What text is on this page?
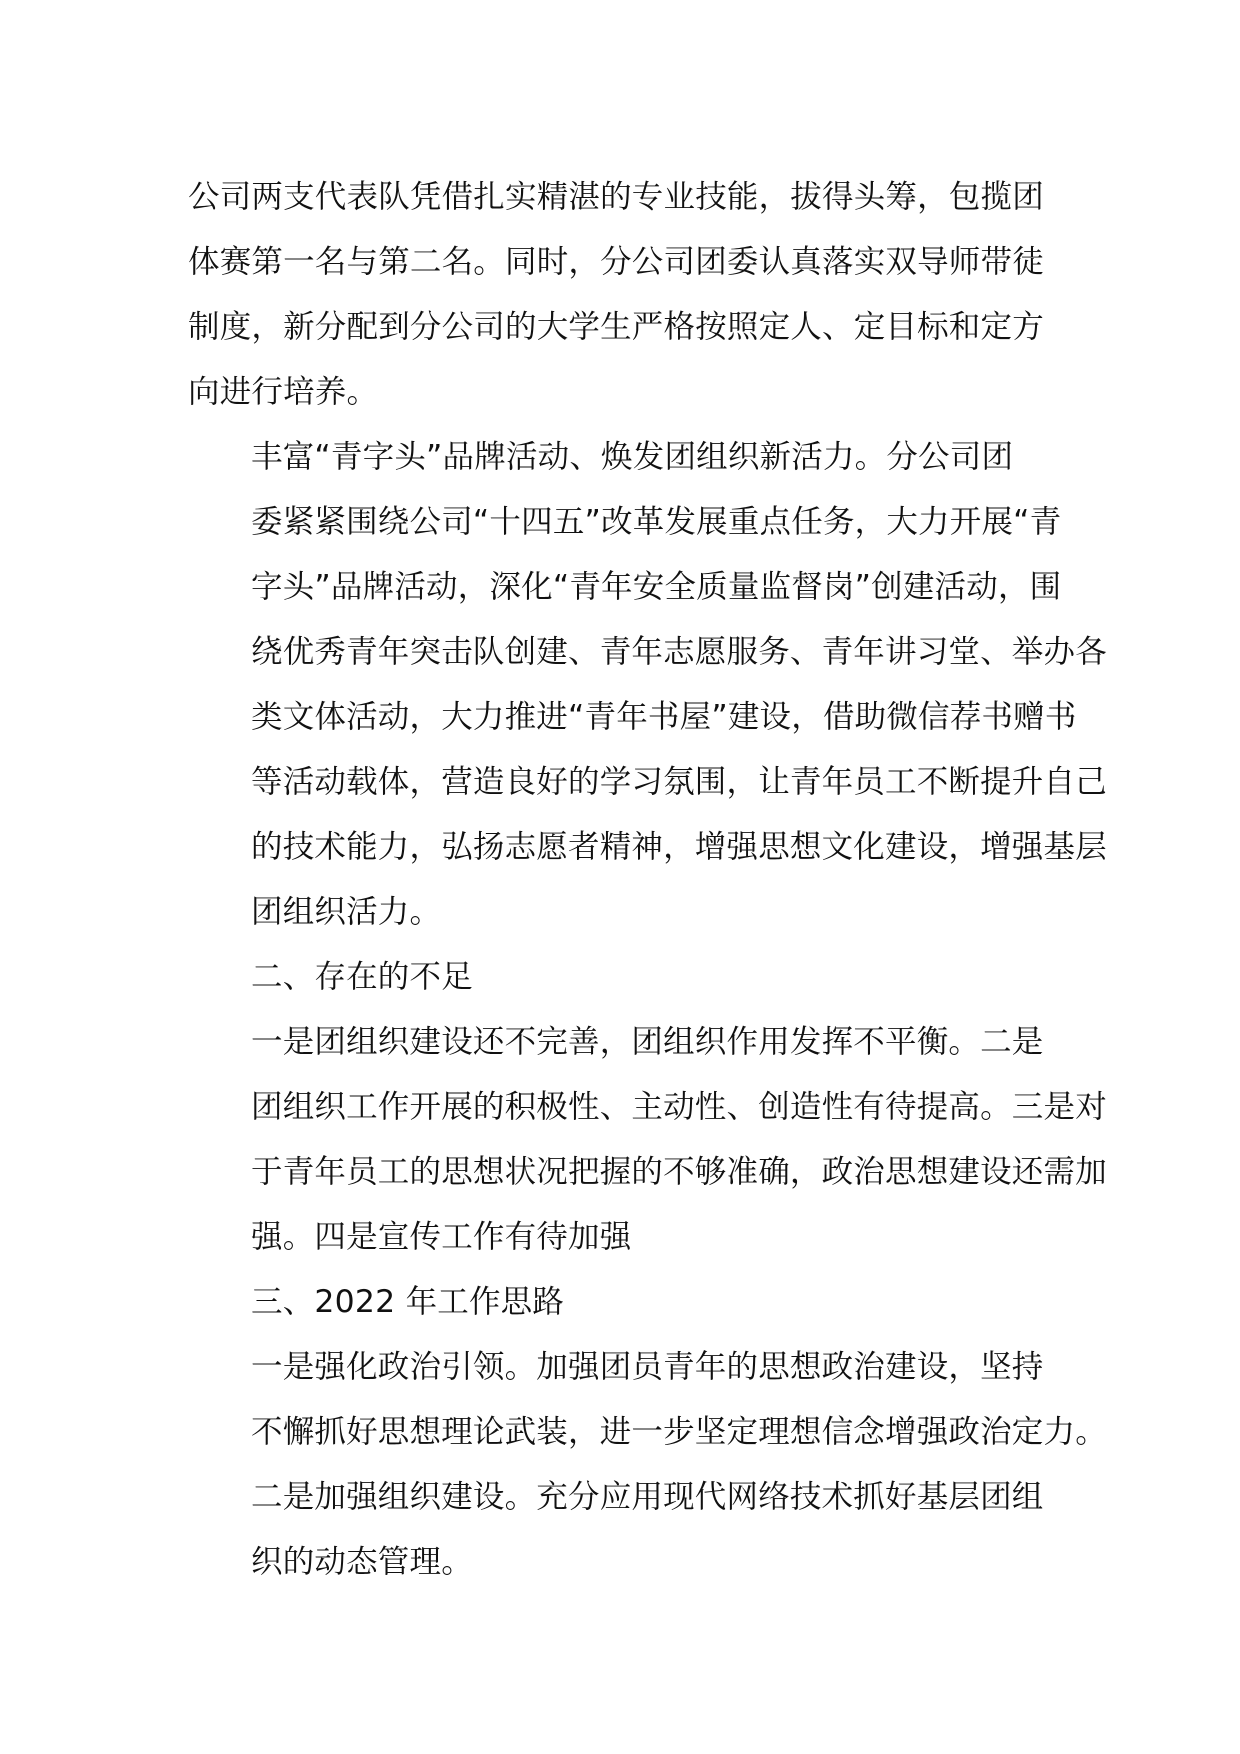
公司两支代表队凭借扎实精湛的专业技能，拔得头筹，包揽团
体赛第一名与第二名。同时，分公司团委认真落实双导师带徒
制度，新分配到分公司的大学生严格按照定人、定目标和定方
向进行培养。

丰富“青字头”品牌活动、焕发团组织新活力。分公司团
委紧紧围绕公司“十四五”改革发展重点任务，大力开展“青
字头”品牌活动，深化“青年安全质量监督岗”创建活动，围
绕优秀青年突击队创建、青年志愿服务、青年讲习堂、举办各
类文体活动，大力推进“青年书屋”建设，借助微信荐书赠书
等活动载体，营造良好的学习氛围，让青年员工不断提升自己
的技术能力，弘扬志愿者精神，增强思想文化建设，增强基层
团组织活力。

二、存在的不足

一是团组织建设还不完善，团组织作用发挥不平衡。二是
团组织工作开展的积极性、主动性、创造性有待提高。三是对
于青年员工的思想状况把握的不够准确，政治思想建设还需加
强。四是宣传工作有待加强

三、2022 年工作思路

一是强化政治引领。加强团员青年的思想政治建设，坚持
不懈抓好思想理论武装，进一步坚定理想信念增强政治定力。

二是加强组织建设。充分应用现代网络技术抓好基层团组
织的动态管理。
